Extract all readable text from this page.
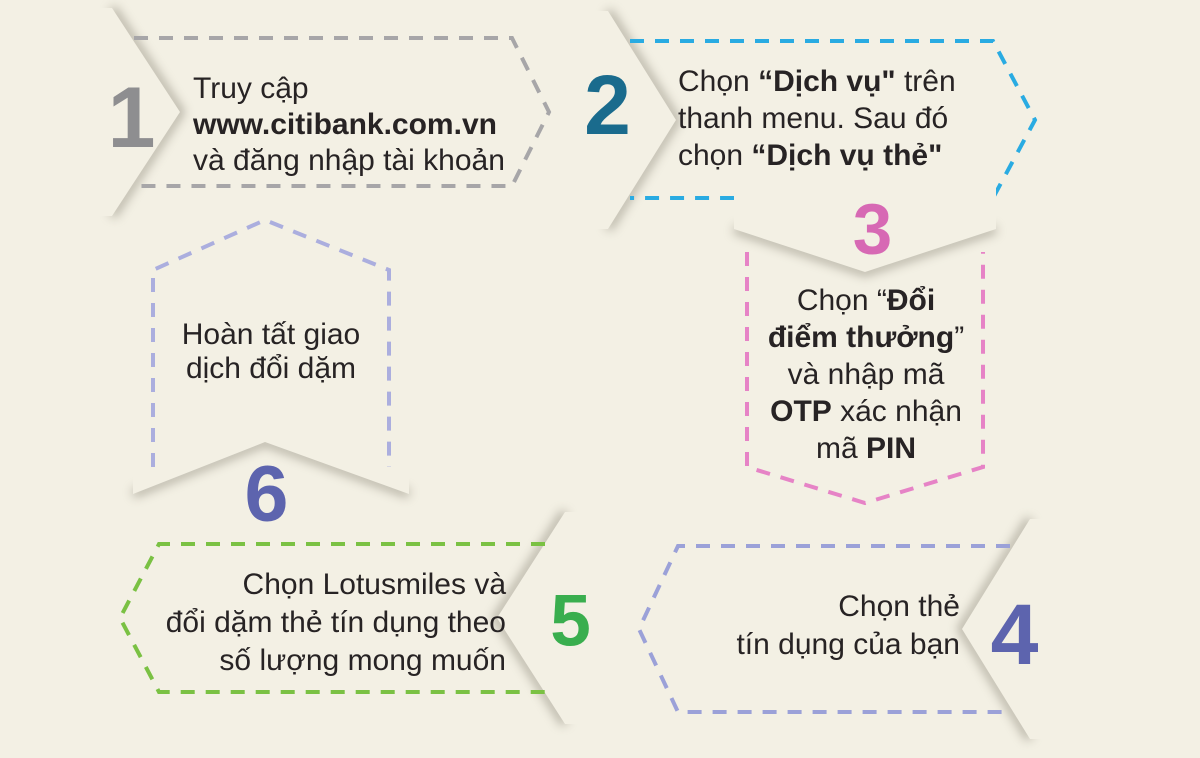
1 Truy cập
www.citibank.com.vn
và đăng nhập tài khoản
2 Chọn “Dịch vụ" trên
thanh menu. Sau đó
chọn “Dịch vụ thẻ"
3
Chọn “Đổi
điểm thưởng”
và nhập mã
OTP xác nhận
mã PIN
4
Chọn thẻ
tín dụng của bạn
5
Chọn Lotusmiles và
đổi dặm thẻ tín dụng theo
số lượng mong muốn
6
Hoàn tất giao
dịch đổi dặm
